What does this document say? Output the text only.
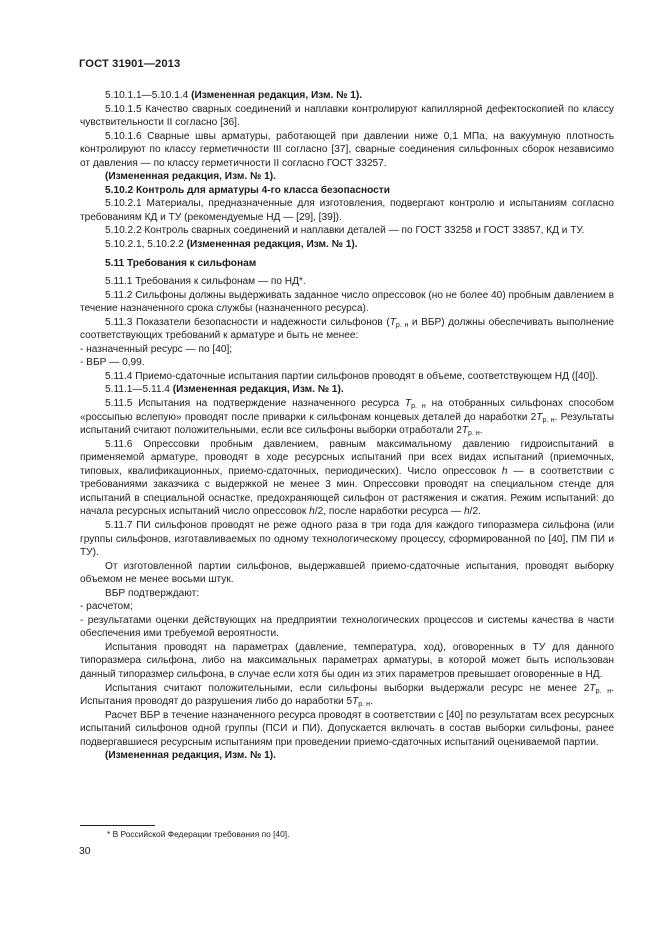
ГОСТ 31901—2013

5.10.1.1—5.10.1.4 (Измененная редакция, Изм. № 1).

5.10.1.5 Качество сварных соединений и наплавки контролируют капиллярной дефектоскопией по классу чувствительности II согласно [36].

5.10.1.6 Сварные швы арматуры, работающей при давлении ниже 0,1 МПа, на вакуумную плотность контролируют по классу герметичности III согласно [37], сварные соединения сильфонных сборок независимо от давления — по классу герметичности II согласно ГОСТ 33257.

(Измененная редакция, Изм. № 1).

5.10.2 Контроль для арматуры 4-го класса безопасности

5.10.2.1 Материалы, предназначенные для изготовления, подвергают контролю и испытаниям согласно требованиям КД и ТУ (рекомендуемые НД — [29], [39]).

5.10.2.2 Контроль сварных соединений и наплавки деталей — по ГОСТ 33258 и ГОСТ 33857, КД и ТУ.

5.10.2.1, 5.10.2.2 (Измененная редакция, Изм. № 1).

5.11 Требования к сильфонам

5.11.1 Требования к сильфонам — по НД*.

5.11.2 Сильфоны должны выдерживать заданное число опрессовок (но не более 40) пробным давлением в течение назначенного срока службы (назначенного ресурса).

5.11.3 Показатели безопасности и надежности сильфонов ($T_{р. н}$ и ВБР) должны обеспечивать выполнение соответствующих требований к арматуре и быть не менее:

- назначенный ресурс — по [40];

- ВБР — 0,99.

5.11.4 Приемо-сдаточные испытания партии сильфонов проводят в объеме, соответствующем НД ([40]).

5.11.1—5.11.4 (Измененная редакция, Изм. № 1).

5.11.5 Испытания на подтверждение назначенного ресурса $T_{р. н}$ на отобранных сильфонах способом «россыпью вслепую» проводят после приварки к сильфонам концевых деталей до наработки $2T_{р. н}$. Результаты испытаний считают положительными, если все сильфоны выборки отработали $2T_{р. н}$.

5.11.6 Опрессовки пробным давлением, равным максимальному давлению гидроиспытаний в применяемой арматуре, проводят в ходе ресурсных испытаний при всех видах испытаний (приемочных, типовых, квалификационных, приемо-сдаточных, периодических). Число опрессовок h — в соответствии с требованиями заказчика с выдержкой не менее 3 мин. Опрессовки проводят на специальном стенде для испытаний в специальной оснастке, предохраняющей сильфон от растяжения и сжатия. Режим испытаний: до начала ресурсных испытаний число опрессовок h/2, после наработки ресурса — h/2.

5.11.7 ПИ сильфонов проводят не реже одного раза в три года для каждого типоразмера сильфона (или группы сильфонов, изготавливаемых по одному технологическому процессу, сформированной по [40], ПМ ПИ и ТУ).

От изготовленной партии сильфонов, выдержавшей приемо-сдаточные испытания, проводят выборку объемом не менее восьми штук.

ВБР подтверждают:

- расчетом;

- результатами оценки действующих на предприятии технологических процессов и системы качества в части обеспечения ими требуемой вероятности.

Испытания проводят на параметрах (давление, температура, ход), оговоренных в ТУ для данного типоразмера сильфона, либо на максимальных параметрах арматуры, в которой может быть использован данный типоразмер сильфона, в случае если хотя бы один из этих параметров превышает оговоренные в НД.

Испытания считают положительными, если сильфоны выборки выдержали ресурс не менее $2T_{р. н}$. Испытания проводят до разрушения либо до наработки $5T_{р. н}$.

Расчет ВБР в течение назначенного ресурса проводят в соответствии с [40] по результатам всех ресурсных испытаний сильфонов одной группы (ПСИ и ПИ). Допускается включать в состав выборки сильфоны, ранее подвергавшиеся ресурсным испытаниям при проведении приемо-сдаточных испытаний оцениваемой партии.

(Измененная редакция, Изм. № 1).

* В Российской Федерации требования по [40].
30
